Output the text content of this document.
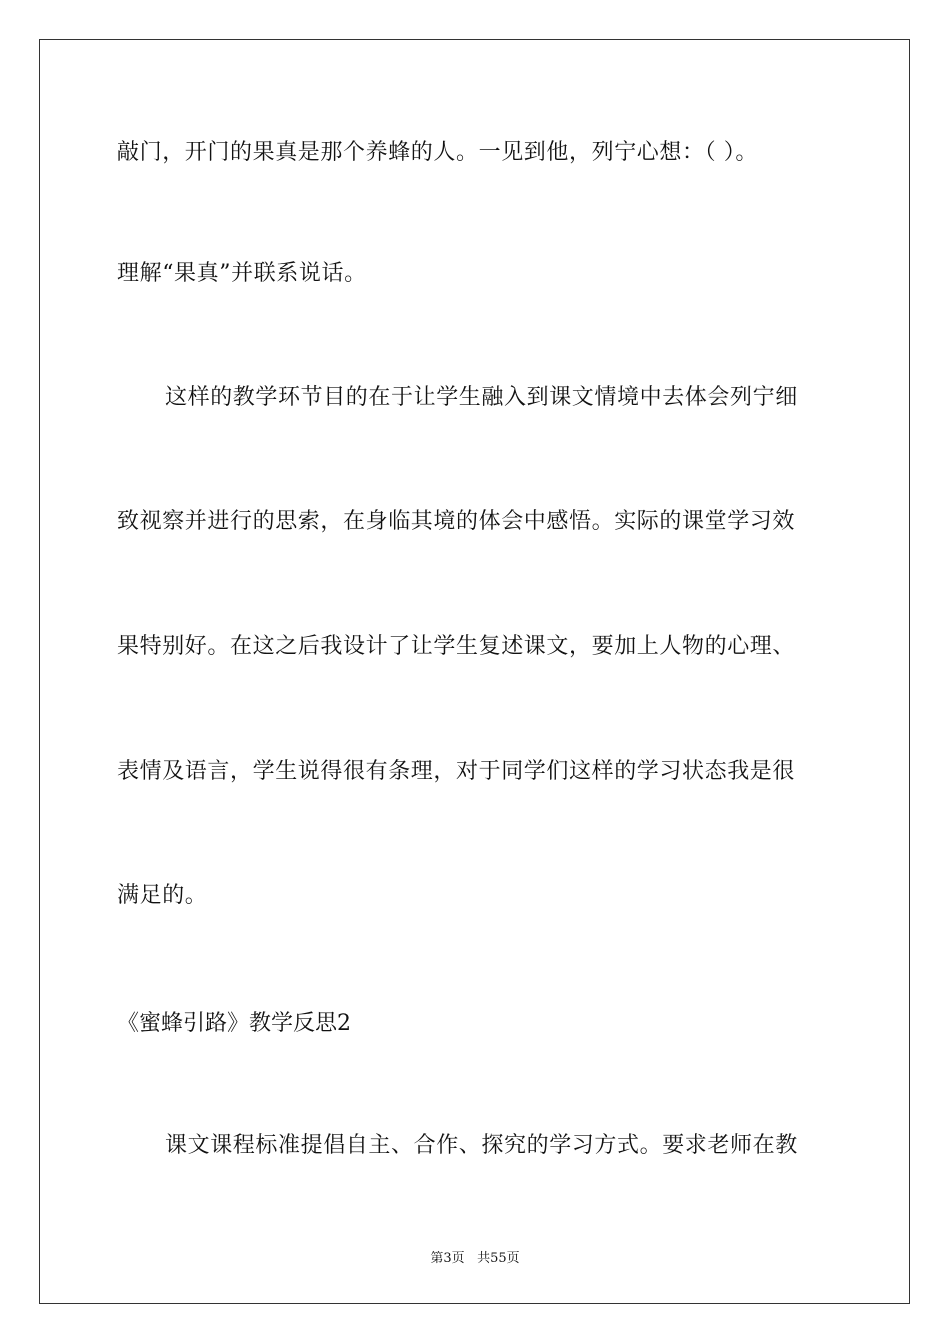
敲门，开门的果真是那个养蜂的人。一见到他，列宁心想：（ ）。
理解“果真”并联系说话。
这样的教学环节目的在于让学生融入到课文情境中去体会列宁细
致视察并进行的思索，在身临其境的体会中感悟。实际的课堂学习效
果特别好。在这之后我设计了让学生复述课文，要加上人物的心理、
表情及语言，学生说得很有条理，对于同学们这样的学习状态我是很
满足的。
《蜜蜂引路》教学反思2
课文课程标准提倡自主、合作、探究的学习方式。要求老师在教
第3页 共55页
